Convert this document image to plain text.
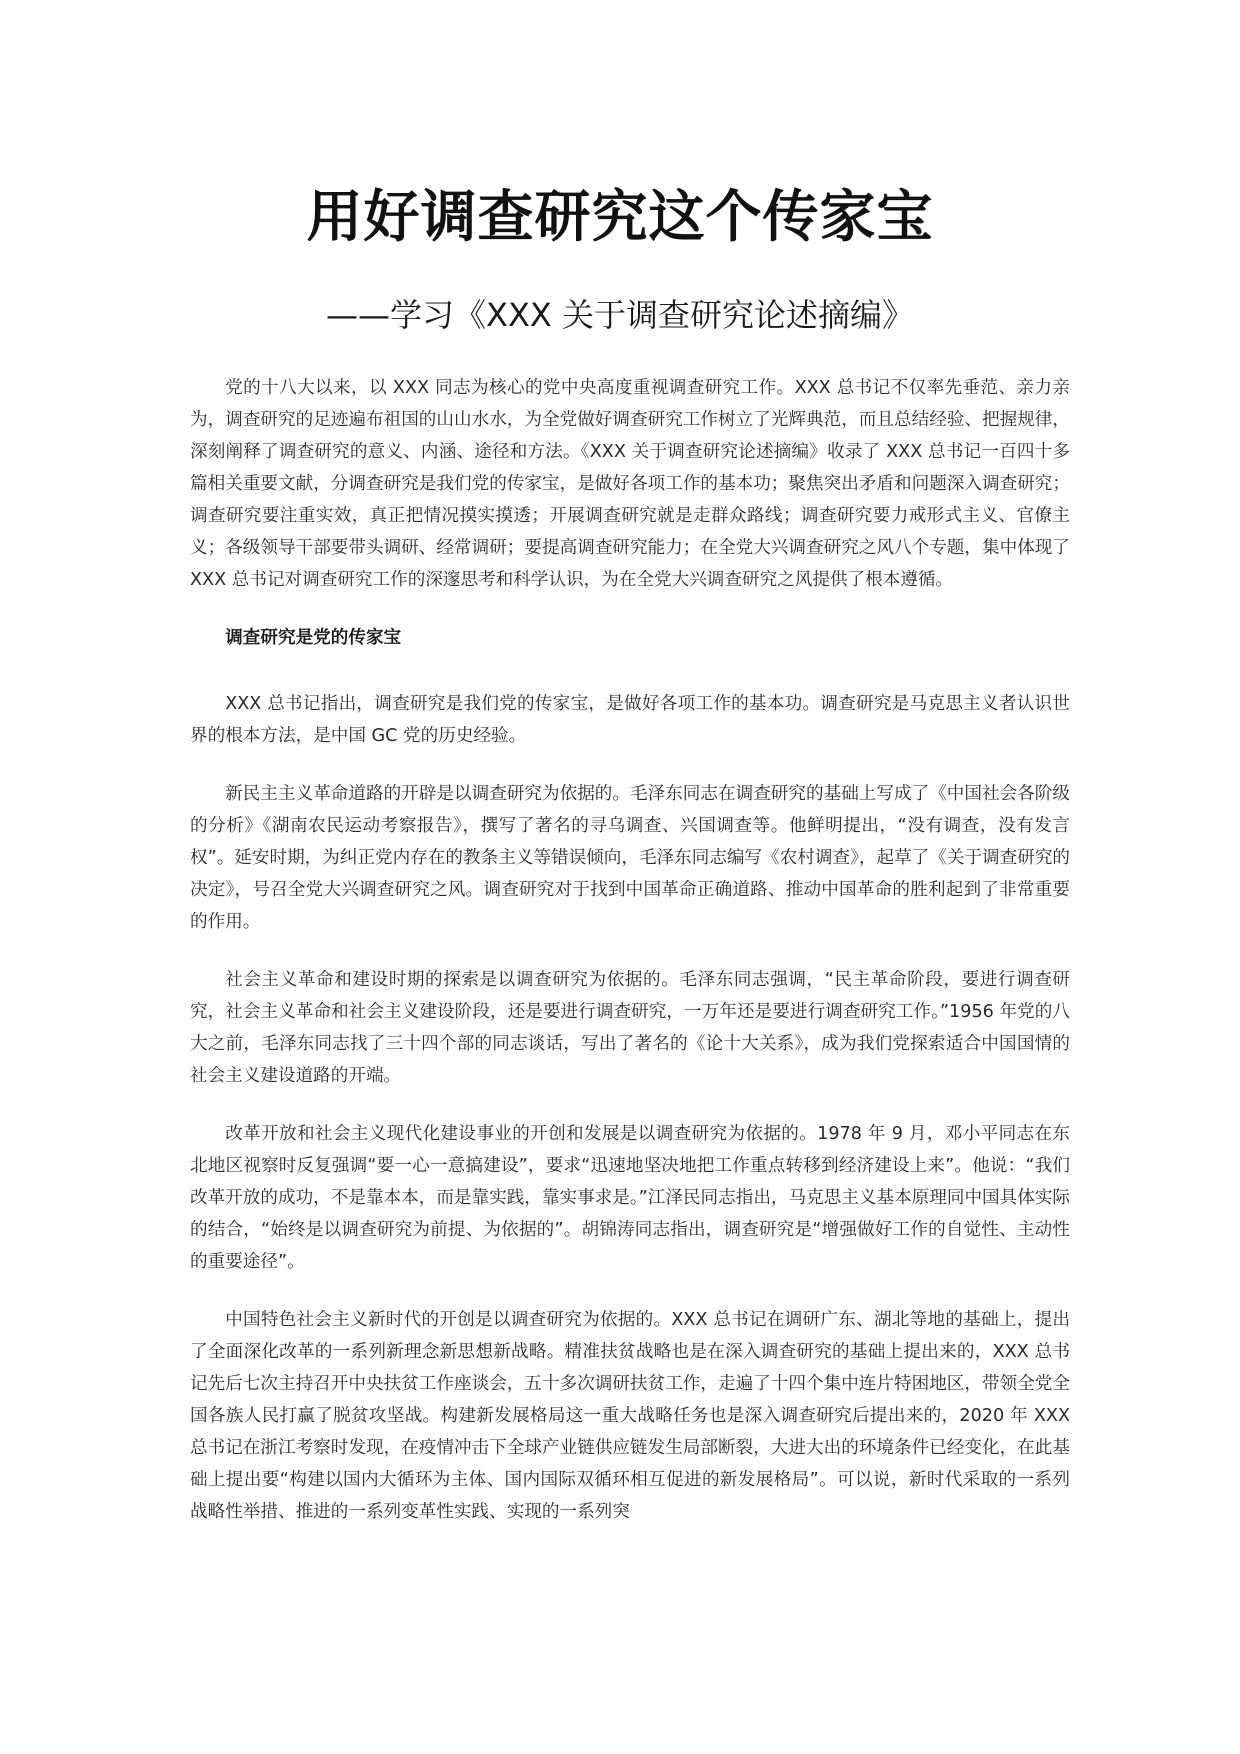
用好调查研究这个传家宝
——学习《XXX 关于调查研究论述摘编》

党的十八大以来，以 XXX 同志为核心的党中央高度重视调查研究工作。XXX 总书记不仅率先垂范、亲力亲为，调查研究的足迹遍布祖国的山山水水，为全党做好调查研究工作树立了光辉典范，而且总结经验、把握规律，深刻阐释了调查研究的意义、内涵、途径和方法。《XXX 关于调查研究论述摘编》收录了 XXX 总书记一百四十多篇相关重要文献，分调查研究是我们党的传家宝，是做好各项工作的基本功；聚焦突出矛盾和问题深入调查研究；调查研究要注重实效，真正把情况摸实摸透；开展调查研究就是走群众路线；调查研究要力戒形式主义、官僚主义；各级领导干部要带头调研、经常调研；要提高调查研究能力；在全党大兴调查研究之风八个专题，集中体现了 XXX 总书记对调查研究工作的深邃思考和科学认识，为在全党大兴调查研究之风提供了根本遵循。

调查研究是党的传家宝

XXX 总书记指出，调查研究是我们党的传家宝，是做好各项工作的基本功。调查研究是马克思主义者认识世界的根本方法，是中国 GC 党的历史经验。

新民主主义革命道路的开辟是以调查研究为依据的。毛泽东同志在调查研究的基础上写成了《中国社会各阶级的分析》《湖南农民运动考察报告》，撰写了著名的寻乌调查、兴国调查等。他鲜明提出，“没有调查，没有发言权”。延安时期，为纠正党内存在的教条主义等错误倾向，毛泽东同志编写《农村调查》，起草了《关于调查研究的决定》，号召全党大兴调查研究之风。调查研究对于找到中国革命正确道路、推动中国革命的胜利起到了非常重要的作用。

社会主义革命和建设时期的探索是以调查研究为依据的。毛泽东同志强调，“民主革命阶段，要进行调查研究，社会主义革命和社会主义建设阶段，还是要进行调查研究，一万年还是要进行调查研究工作。”1956 年党的八大之前，毛泽东同志找了三十四个部的同志谈话，写出了著名的《论十大关系》，成为我们党探索适合中国国情的社会主义建设道路的开端。

改革开放和社会主义现代化建设事业的开创和发展是以调查研究为依据的。1978 年 9 月，邓小平同志在东北地区视察时反复强调“要一心一意搞建设”，要求“迅速地坚决地把工作重点转移到经济建设上来”。他说：“我们改革开放的成功，不是靠本本，而是靠实践，靠实事求是。”江泽民同志指出，马克思主义基本原理同中国具体实际的结合，“始终是以调查研究为前提、为依据的”。胡锦涛同志指出，调查研究是“增强做好工作的自觉性、主动性的重要途径”。

中国特色社会主义新时代的开创是以调查研究为依据的。XXX 总书记在调研广东、湖北等地的基础上，提出了全面深化改革的一系列新理念新思想新战略。精准扶贫战略也是在深入调查研究的基础上提出来的，XXX 总书记先后七次主持召开中央扶贫工作座谈会，五十多次调研扶贫工作，走遍了十四个集中连片特困地区，带领全党全国各族人民打赢了脱贫攻坚战。构建新发展格局这一重大战略任务也是深入调查研究后提出来的，2020 年 XXX 总书记在浙江考察时发现，在疫情冲击下全球产业链供应链发生局部断裂，大进大出的环境条件已经变化，在此基础上提出要“构建以国内大循环为主体、国内国际双循环相互促进的新发展格局”。可以说，新时代采取的一系列战略性举措、推进的一系列变革性实践、实现的一系列突
